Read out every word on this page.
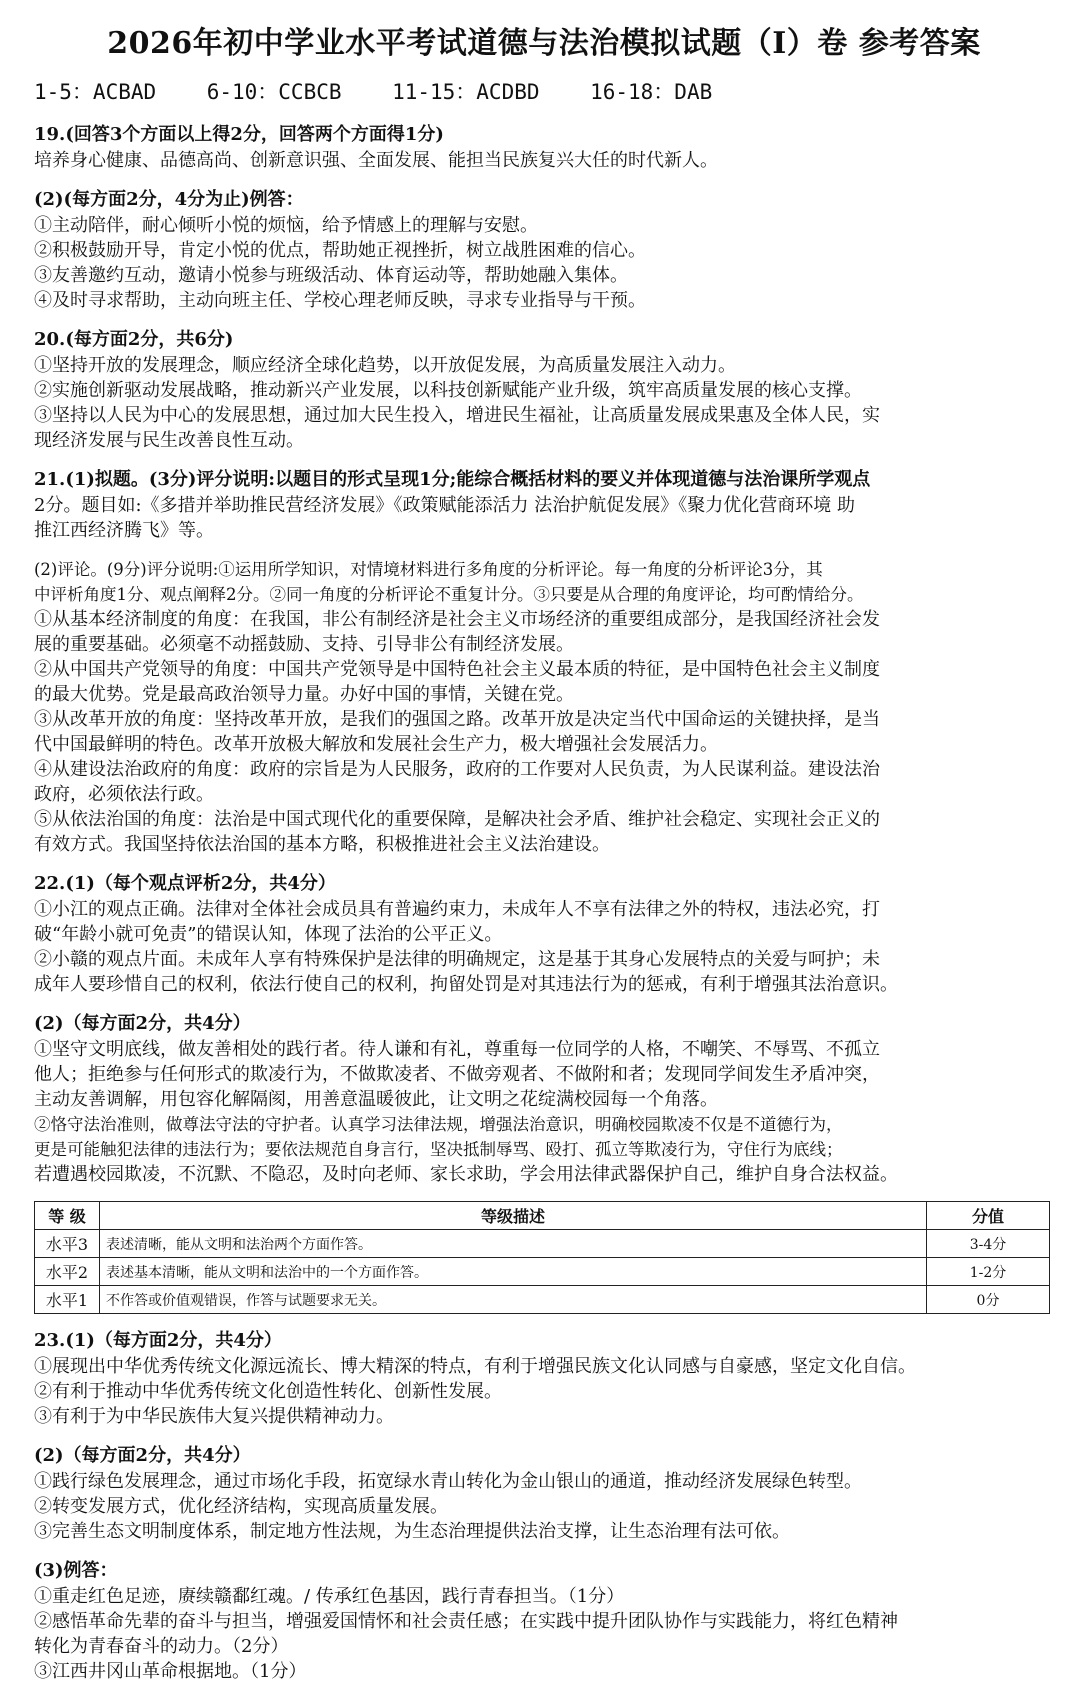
2026年初中学业水平考试道德与法治模拟试题（Ⅰ）卷 参考答案
1-5：ACBAD    6-10：CCBCB    11-15：ACDBD    16-18：DAB
19.(回答3个方面以上得2分，回答两个方面得1分)
培养身心健康、品德高尚、创新意识强、全面发展、能担当民族复兴大任的时代新人。
(2)(每方面2分，4分为止)例答：
①主动陪伴，耐心倾听小悦的烦恼，给予情感上的理解与安慰。
②积极鼓励开导，肯定小悦的优点，帮助她正视挫折，树立战胜困难的信心。
③友善邀约互动，邀请小悦参与班级活动、体育运动等，帮助她融入集体。
④及时寻求帮助，主动向班主任、学校心理老师反映，寻求专业指导与干预。
20.(每方面2分，共6分)
①坚持开放的发展理念，顺应经济全球化趋势，以开放促发展，为高质量发展注入动力。
②实施创新驱动发展战略，推动新兴产业发展，以科技创新赋能产业升级，筑牢高质量发展的核心支撑。
③坚持以人民为中心的发展思想，通过加大民生投入，增进民生福祉，让高质量发展成果惠及全体人民，实
现经济发展与民生改善良性互动。
21.(1)拟题。(3分)评分说明:以题目的形式呈现1分;能综合概括材料的要义并体现道德与法治课所学观点
2分。题目如:《多措并举助推民营经济发展》《政策赋能添活力 法治护航促发展》《聚力优化营商环境 助
推江西经济腾飞》等。
(2)评论。(9分)评分说明:①运用所学知识，对情境材料进行多角度的分析评论。每一角度的分析评论3分，其
中评析角度1分、观点阐释2分。②同一角度的分析评论不重复计分。③只要是从合理的角度评论，均可酌情给分。
①从基本经济制度的角度：在我国，非公有制经济是社会主义市场经济的重要组成部分，是我国经济社会发
展的重要基础。必须毫不动摇鼓励、支持、引导非公有制经济发展。
②从中国共产党领导的角度：中国共产党领导是中国特色社会主义最本质的特征，是中国特色社会主义制度
的最大优势。党是最高政治领导力量。办好中国的事情，关键在党。
③从改革开放的角度：坚持改革开放，是我们的强国之路。改革开放是决定当代中国命运的关键抉择，是当
代中国最鲜明的特色。改革开放极大解放和发展社会生产力，极大增强社会发展活力。
④从建设法治政府的角度：政府的宗旨是为人民服务，政府的工作要对人民负责，为人民谋利益。建设法治
政府，必须依法行政。
⑤从依法治国的角度：法治是中国式现代化的重要保障，是解决社会矛盾、维护社会稳定、实现社会正义的
有效方式。我国坚持依法治国的基本方略，积极推进社会主义法治建设。
22.(1)（每个观点评析2分，共4分）
①小江的观点正确。法律对全体社会成员具有普遍约束力，未成年人不享有法律之外的特权，违法必究，打
破“年龄小就可免责”的错误认知，体现了法治的公平正义。
②小赣的观点片面。未成年人享有特殊保护是法律的明确规定，这是基于其身心发展特点的关爱与呵护；未
成年人要珍惜自己的权利，依法行使自己的权利，拘留处罚是对其违法行为的惩戒，有利于增强其法治意识。
(2)（每方面2分，共4分）
①坚守文明底线，做友善相处的践行者。待人谦和有礼，尊重每一位同学的人格，不嘲笑、不辱骂、不孤立
他人；拒绝参与任何形式的欺凌行为，不做欺凌者、不做旁观者、不做附和者；发现同学间发生矛盾冲突，
主动友善调解，用包容化解隔阂，用善意温暖彼此，让文明之花绽满校园每一个角落。
②恪守法治准则，做尊法守法的守护者。认真学习法律法规，增强法治意识，明确校园欺凌不仅是不道德行为，
更是可能触犯法律的违法行为；要依法规范自身言行，坚决抵制辱骂、殴打、孤立等欺凌行为，守住行为底线；
若遭遇校园欺凌，不沉默、不隐忍，及时向老师、家长求助，学会用法律武器保护自己，维护自身合法权益。
等 级	等级描述	分值
水平3	表述清晰，能从文明和法治两个方面作答。	3-4分
水平2	表述基本清晰，能从文明和法治中的一个方面作答。	1-2分
水平1	不作答或价值观错误，作答与试题要求无关。	0分
23.(1)（每方面2分，共4分）
①展现出中华优秀传统文化源远流长、博大精深的特点，有利于增强民族文化认同感与自豪感，坚定文化自信。
②有利于推动中华优秀传统文化创造性转化、创新性发展。
③有利于为中华民族伟大复兴提供精神动力。
(2)（每方面2分，共4分）
①践行绿色发展理念，通过市场化手段，拓宽绿水青山转化为金山银山的通道，推动经济发展绿色转型。
②转变发展方式，优化经济结构，实现高质量发展。
③完善生态文明制度体系，制定地方性法规，为生态治理提供法治支撑，让生态治理有法可依。
(3)例答：
①重走红色足迹，赓续赣鄱红魂。/ 传承红色基因，践行青春担当。（1分）
②感悟革命先辈的奋斗与担当，增强爱国情怀和社会责任感；在实践中提升团队协作与实践能力，将红色精神
转化为青春奋斗的动力。（2分）
③江西井冈山革命根据地。（1分）
